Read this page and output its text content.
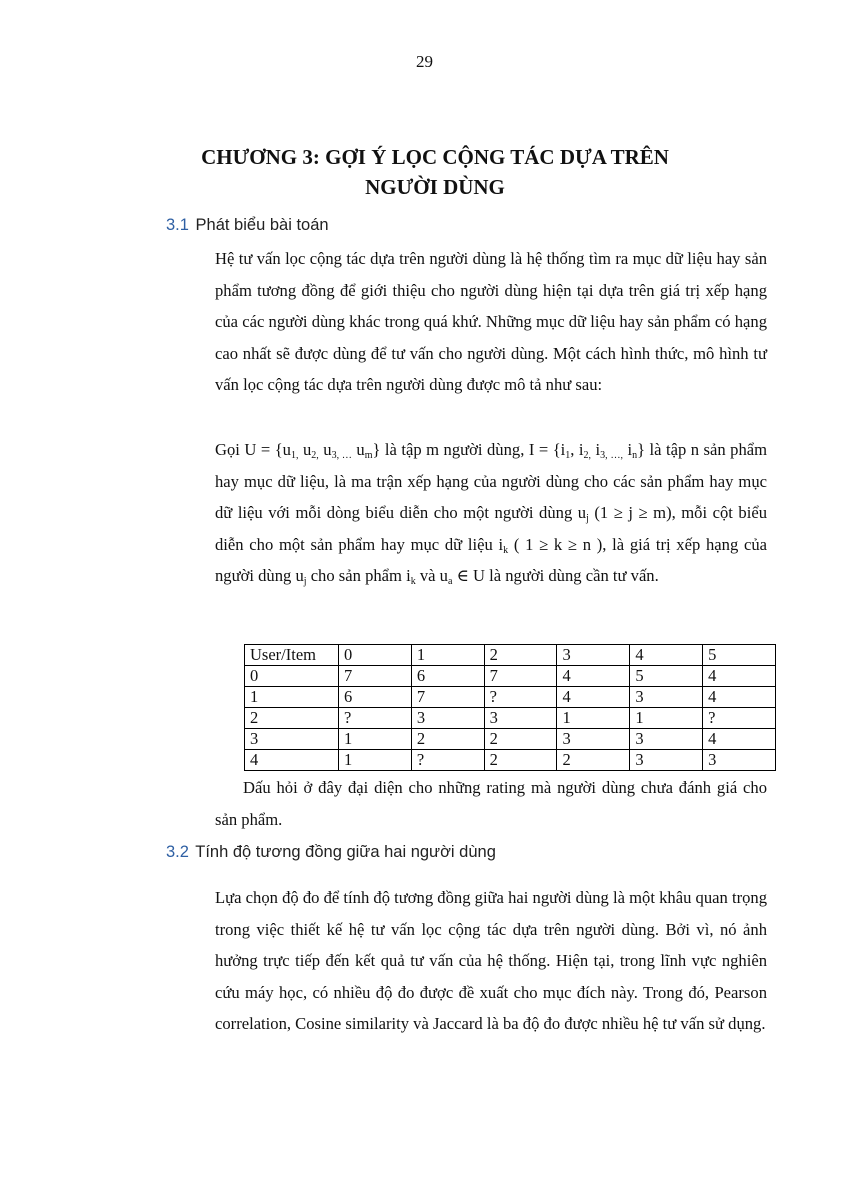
29
CHƯƠNG 3: GỢI Ý LỌC CỘNG TÁC DỰA TRÊN
NGƯỜI DÙNG
3.1 Phát biểu bài toán

Hệ tư vấn lọc cộng tác dựa trên người dùng là hệ thống tìm ra mục dữ liệu hay sản phẩm tương đồng để giới thiệu cho người dùng hiện tại dựa trên giá trị xếp hạng của các người dùng khác trong quá khứ. Những mục dữ liệu hay sản phẩm có hạng cao nhất sẽ được dùng để tư vấn cho người dùng. Một cách hình thức, mô hình tư vấn lọc cộng tác dựa trên người dùng được mô tả như sau:

Gọi $U = \{u_{1,}$ $u_{2,}$ $u_{3, \dots}$ $u_m$} là tập m người dùng, $I = \{i_1$, $i_{2,}$ $i_{3, \dots,}$ $i_n$} là tập n sản phẩm hay mục dữ liệu, là ma trận xếp hạng của người dùng cho các sản phẩm hay mục dữ liệu với mỗi dòng biểu diễn cho một người dùng $u_j$ (1 ≥ j ≥ m), mỗi cột biểu diễn cho một sản phẩm hay mục dữ liệu $i_k$ ( 1 ≥ k ≥ n ), là giá trị xếp hạng của người dùng $u_j$ cho sản phẩm $i_k$ và $u_a$ ∈ U là người dùng cần tư vấn.

User/Item	0	1	2	3	4	5
0	7	6	7	4	5	4
1	6	7	?	4	3	4
2	?	3	3	1	1	?
3	1	2	2	3	3	4
4	1	?	2	2	3	3

Dấu hỏi ở đây đại diện cho những rating mà người dùng chưa đánh giá cho sản phẩm.

3.2 Tính độ tương đồng giữa hai người dùng

Lựa chọn độ đo để tính độ tương đồng giữa hai người dùng là một khâu quan trọng trong việc thiết kế hệ tư vấn lọc cộng tác dựa trên người dùng. Bởi vì, nó ảnh hưởng trực tiếp đến kết quả tư vấn của hệ thống. Hiện tại, trong lĩnh vực nghiên cứu máy học, có nhiều độ đo được đề xuất cho mục đích này. Trong đó, Pearson correlation, Cosine similarity và Jaccard là ba độ đo được nhiều hệ tư vấn sử dụng.
